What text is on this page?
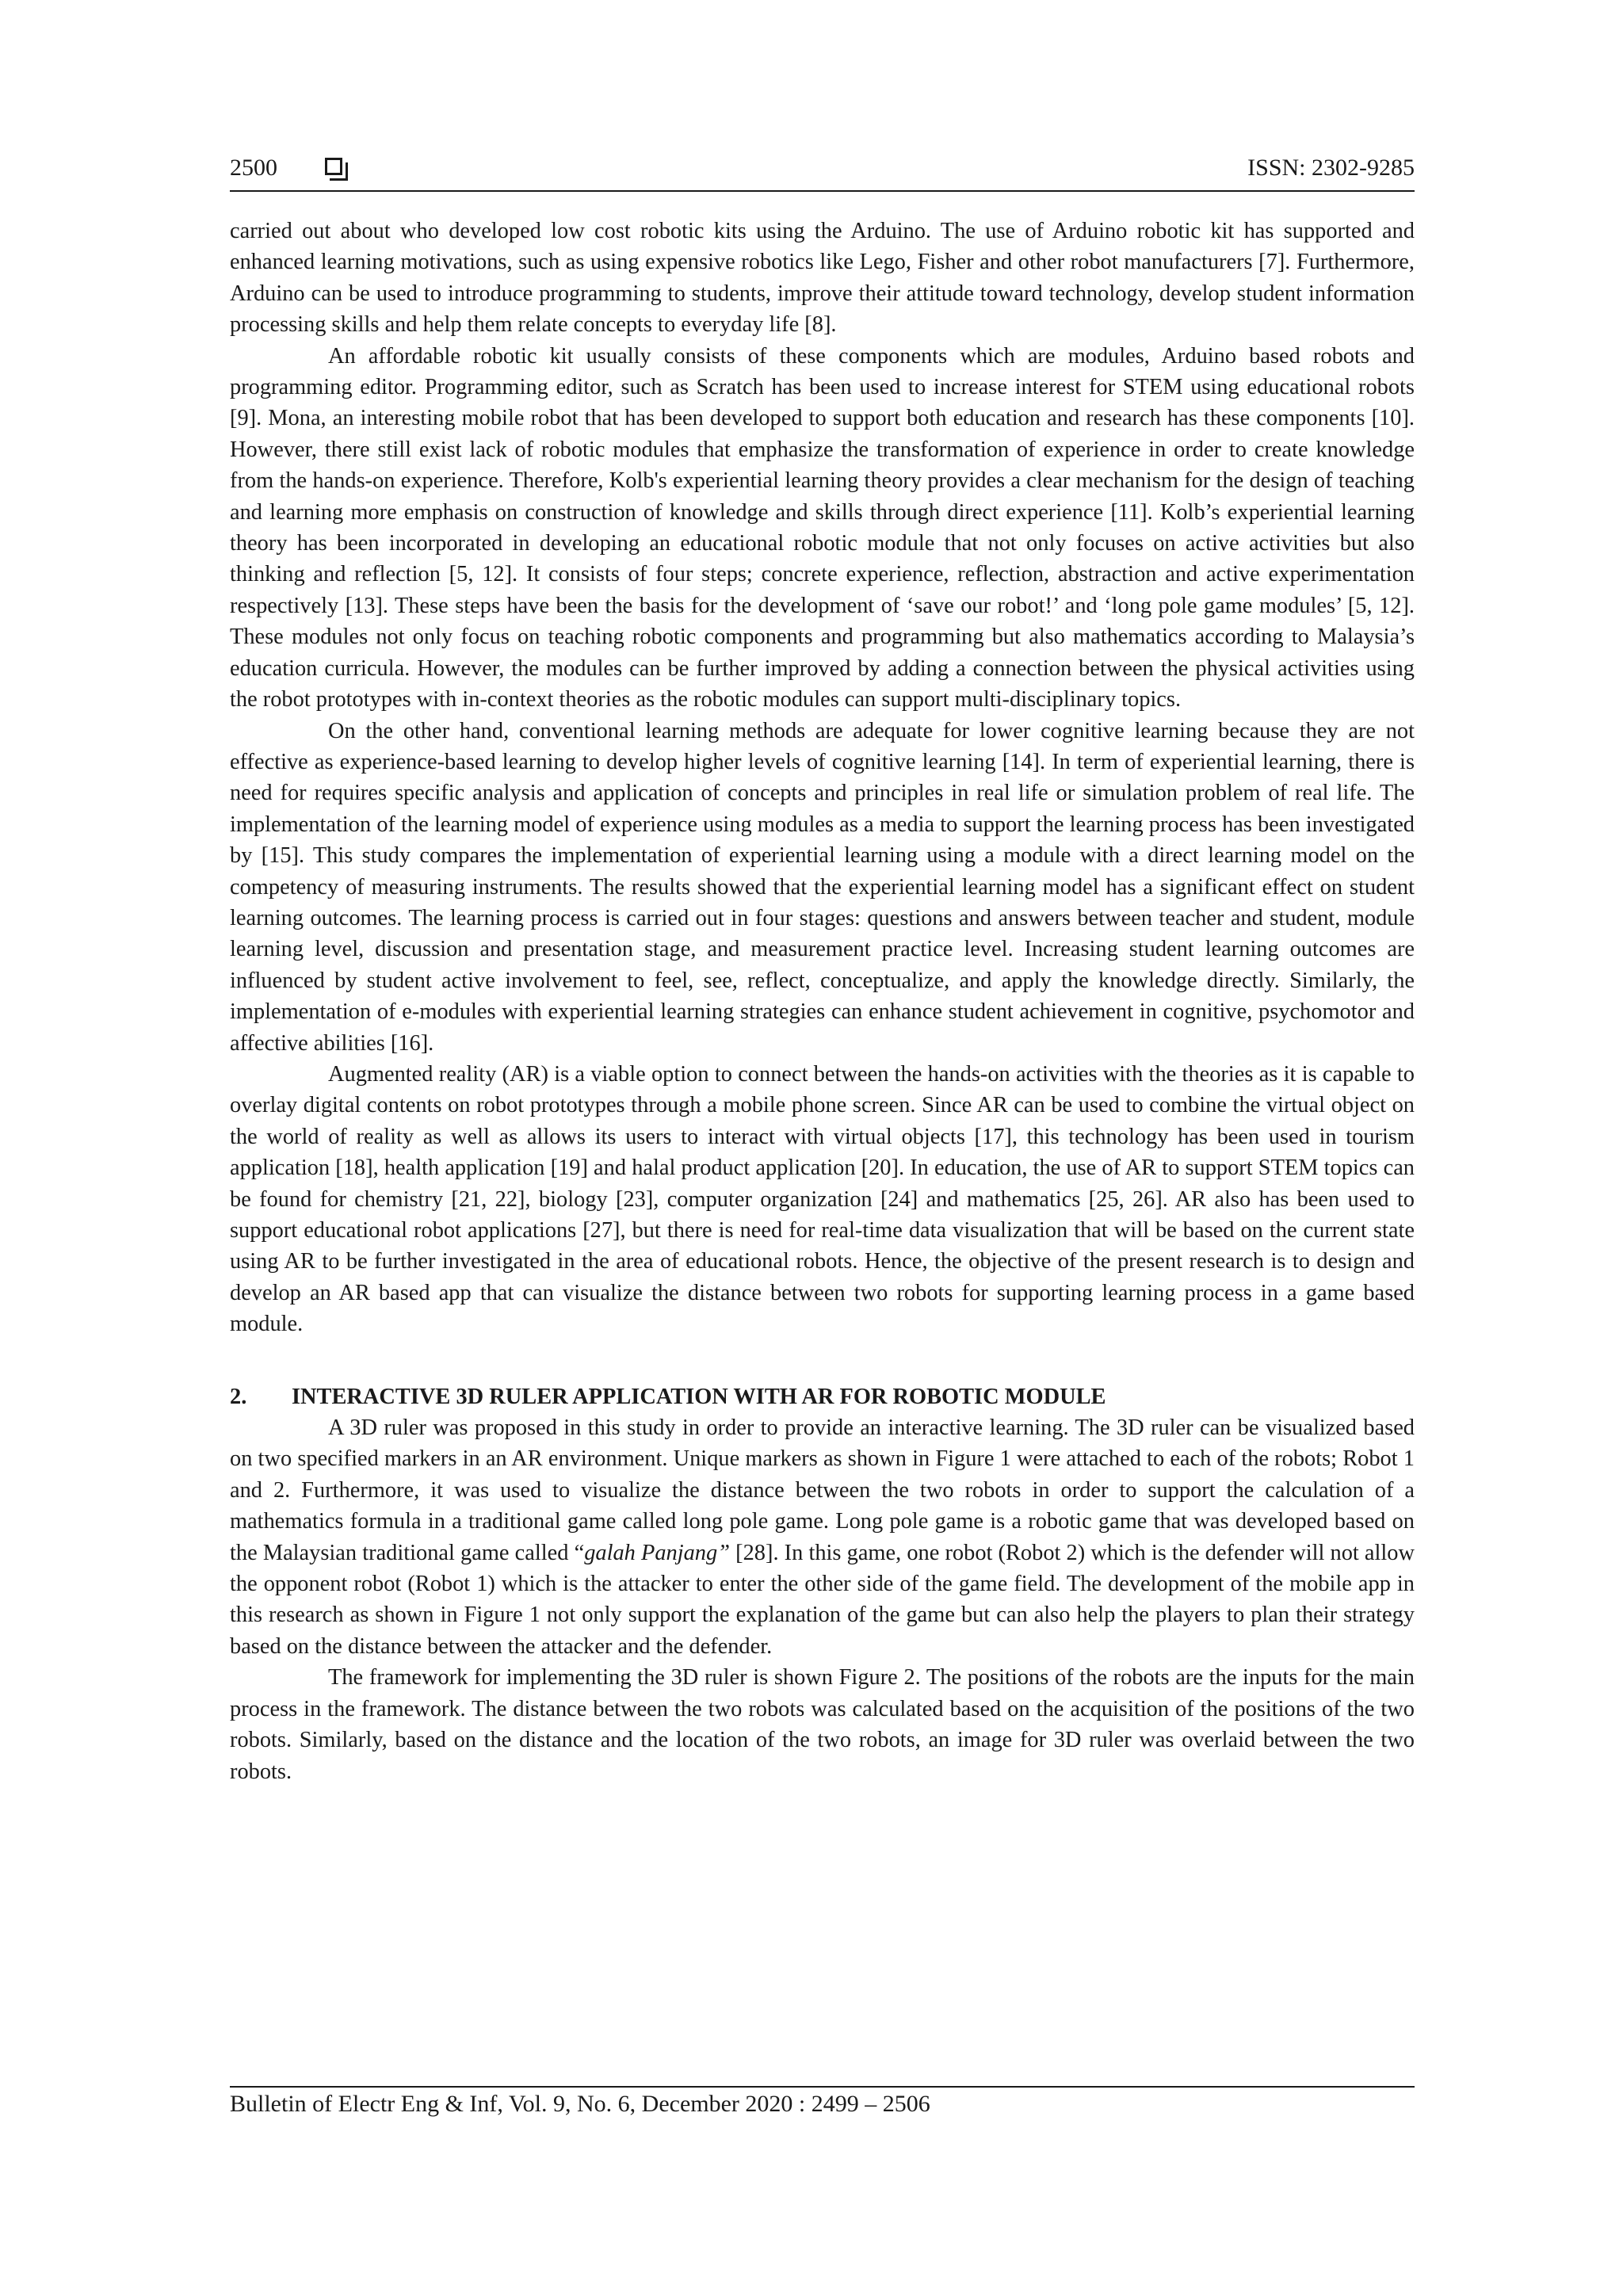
2500	ISSN: 2302-9285

carried out about who developed low cost robotic kits using the Arduino. The use of Arduino robotic kit has supported and enhanced learning motivations, such as using expensive robotics like Lego, Fisher and other robot manufacturers [7]. Furthermore, Arduino can be used to introduce programming to students, improve their attitude toward technology, develop student information processing skills and help them relate concepts to everyday life [8].

An affordable robotic kit usually consists of these components which are modules, Arduino based robots and programming editor. Programming editor, such as Scratch has been used to increase interest for STEM using educational robots [9]. Mona, an interesting mobile robot that has been developed to support both education and research has these components [10]. However, there still exist lack of robotic modules that emphasize the transformation of experience in order to create knowledge from the hands-on experience. Therefore, Kolb's experiential learning theory provides a clear mechanism for the design of teaching and learning more emphasis on construction of knowledge and skills through direct experience [11]. Kolb’s experiential learning theory has been incorporated in developing an educational robotic module that not only focuses on active activities but also thinking and reflection [5, 12]. It consists of four steps; concrete experience, reflection, abstraction and active experimentation respectively [13]. These steps have been the basis for the development of ‘save our robot!’ and ‘long pole game modules’ [5, 12]. These modules not only focus on teaching robotic components and programming but also mathematics according to Malaysia’s education curricula. However, the modules can be further improved by adding a connection between the physical activities using the robot prototypes with in-context theories as the robotic modules can support multi-disciplinary topics.

On the other hand, conventional learning methods are adequate for lower cognitive learning because they are not effective as experience-based learning to develop higher levels of cognitive learning [14]. In term of experiential learning, there is need for requires specific analysis and application of concepts and principles in real life or simulation problem of real life. The implementation of the learning model of experience using modules as a media to support the learning process has been investigated by [15]. This study compares the implementation of experiential learning using a module with a direct learning model on the competency of measuring instruments. The results showed that the experiential learning model has a significant effect on student learning outcomes. The learning process is carried out in four stages: questions and answers between teacher and student, module learning level, discussion and presentation stage, and measurement practice level. Increasing student learning outcomes are influenced by student active involvement to feel, see, reflect, conceptualize, and apply the knowledge directly. Similarly, the implementation of e-modules with experiential learning strategies can enhance student achievement in cognitive, psychomotor and affective abilities [16].

Augmented reality (AR) is a viable option to connect between the hands-on activities with the theories as it is capable to overlay digital contents on robot prototypes through a mobile phone screen. Since AR can be used to combine the virtual object on the world of reality as well as allows its users to interact with virtual objects [17], this technology has been used in tourism application [18], health application [19] and halal product application [20]. In education, the use of AR to support STEM topics can be found for chemistry [21, 22], biology [23], computer organization [24] and mathematics [25, 26]. AR also has been used to support educational robot applications [27], but there is need for real-time data visualization that will be based on the current state using AR to be further investigated in the area of educational robots. Hence, the objective of the present research is to design and develop an AR based app that can visualize the distance between two robots for supporting learning process in a game based module.

2. INTERACTIVE 3D RULER APPLICATION WITH AR FOR ROBOTIC MODULE

A 3D ruler was proposed in this study in order to provide an interactive learning. The 3D ruler can be visualized based on two specified markers in an AR environment. Unique markers as shown in Figure 1 were attached to each of the robots; Robot 1 and 2. Furthermore, it was used to visualize the distance between the two robots in order to support the calculation of a mathematics formula in a traditional game called long pole game. Long pole game is a robotic game that was developed based on the Malaysian traditional game called “galah Panjang” [28]. In this game, one robot (Robot 2) which is the defender will not allow the opponent robot (Robot 1) which is the attacker to enter the other side of the game field. The development of the mobile app in this research as shown in Figure 1 not only support the explanation of the game but can also help the players to plan their strategy based on the distance between the attacker and the defender.

The framework for implementing the 3D ruler is shown Figure 2. The positions of the robots are the inputs for the main process in the framework. The distance between the two robots was calculated based on the acquisition of the positions of the two robots. Similarly, based on the distance and the location of the two robots, an image for 3D ruler was overlaid between the two robots.

Bulletin of Electr Eng & Inf, Vol. 9, No. 6, December 2020 : 2499 – 2506
